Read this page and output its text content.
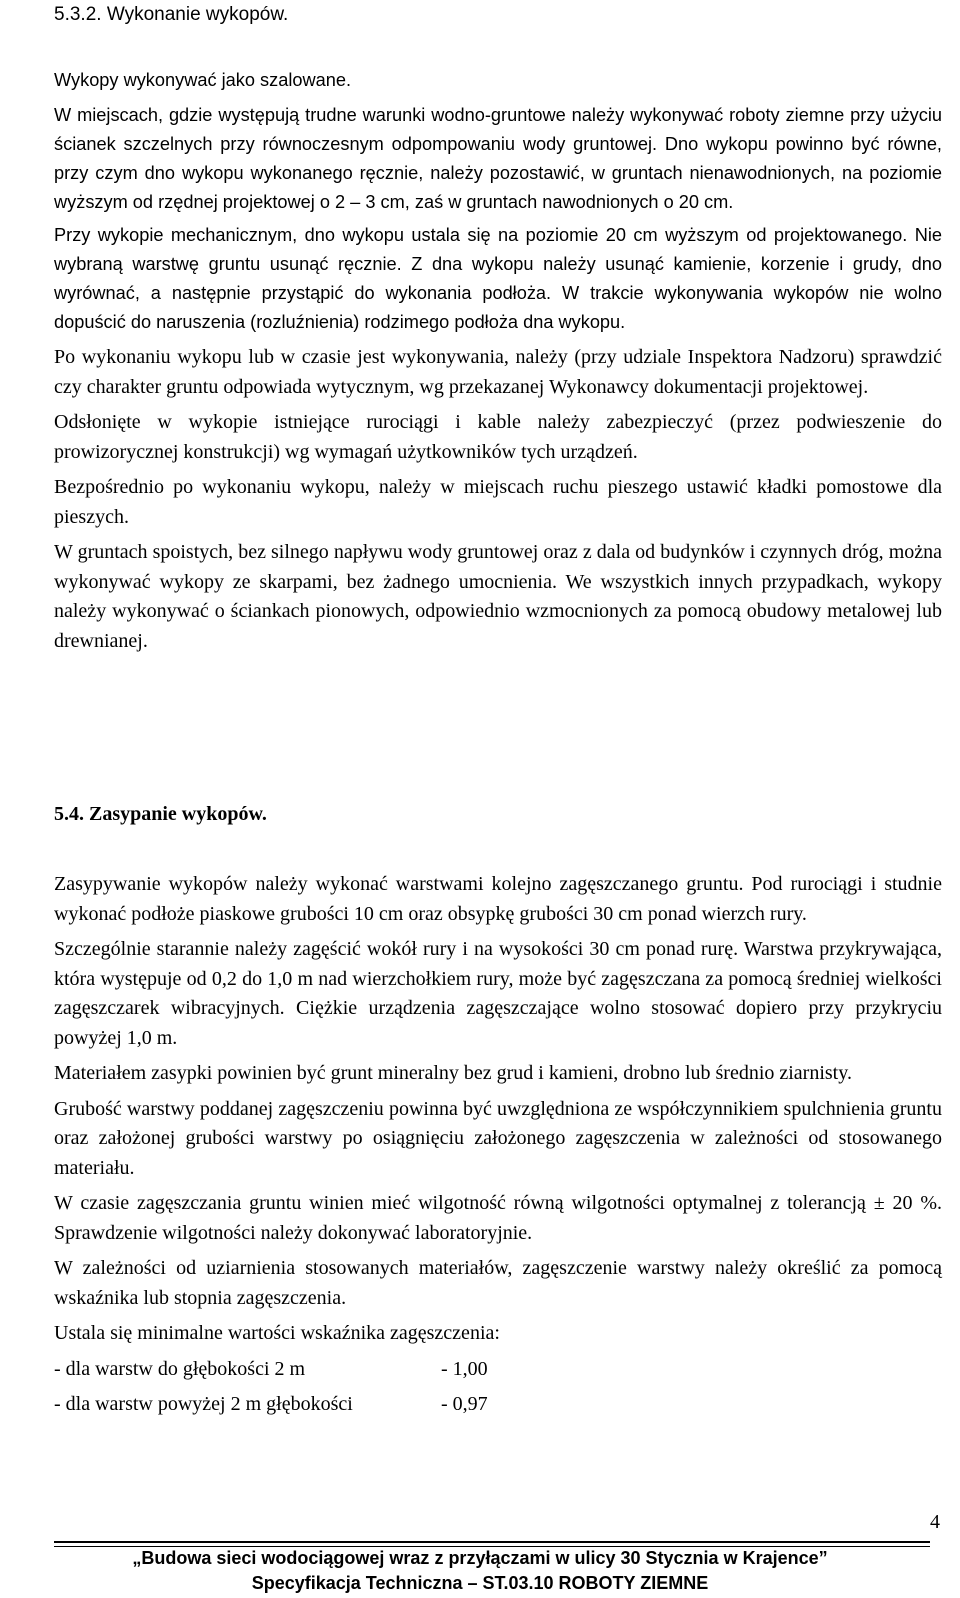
5.3.2. Wykonanie wykopów.

Wykopy wykonywać jako szalowane.

W miejscach, gdzie występują trudne warunki wodno-gruntowe należy wykonywać roboty ziemne przy użyciu ścianek szczelnych przy równoczesnym odpompowaniu wody gruntowej. Dno wykopu powinno być równe, przy czym dno wykopu wykonanego ręcznie, należy pozostawić, w gruntach nienawodnionych, na poziomie wyższym od rzędnej projektowej o 2 – 3 cm, zaś w gruntach nawodnionych o 20 cm.

Przy wykopie mechanicznym, dno wykopu ustala się na poziomie 20 cm wyższym od projektowanego. Nie wybraną warstwę gruntu usunąć ręcznie. Z dna wykopu należy usunąć kamienie, korzenie i grudy, dno wyrównać, a następnie przystąpić do wykonania podłoża. W trakcie wykonywania wykopów nie wolno dopuścić do naruszenia (rozluźnienia) rodzimego podłoża dna wykopu.

Po wykonaniu wykopu lub w czasie jest wykonywania, należy (przy udziale Inspektora Nadzoru) sprawdzić czy charakter gruntu odpowiada wytycznym, wg przekazanej Wykonawcy dokumentacji projektowej.

Odsłonięte w wykopie istniejące rurociągi i kable należy zabezpieczyć (przez podwieszenie do prowizorycznej konstrukcji) wg wymagań użytkowników tych urządzeń.

Bezpośrednio po wykonaniu wykopu, należy w miejscach ruchu pieszego ustawić kładki pomostowe dla pieszych.

W gruntach spoistych, bez silnego napływu wody gruntowej oraz z dala od budynków i czynnych dróg, można wykonywać wykopy ze skarpami, bez żadnego umocnienia. We wszystkich innych przypadkach, wykopy należy wykonywać o ściankach pionowych, odpowiednio wzmocnionych za pomocą obudowy metalowej lub drewnianej.

5.4. Zasypanie wykopów.

Zasypywanie wykopów należy wykonać warstwami kolejno zagęszczanego gruntu. Pod rurociągi i studnie wykonać podłoże piaskowe grubości 10 cm oraz obsypkę grubości 30 cm ponad wierzch rury.

Szczególnie starannie należy zagęścić wokół rury i na wysokości 30 cm ponad rurę. Warstwa przykrywająca, która występuje od 0,2 do 1,0 m nad wierzchołkiem rury, może być zagęszczana za pomocą średniej wielkości zagęszczarek wibracyjnych. Ciężkie urządzenia zagęszczające wolno stosować dopiero przy przykryciu powyżej 1,0 m.

Materiałem zasypki powinien być grunt mineralny bez grud i kamieni, drobno lub średnio ziarnisty.

Grubość warstwy poddanej zagęszczeniu powinna być uwzględniona ze współczynnikiem spulchnienia gruntu oraz założonej grubości warstwy po osiągnięciu założonego zagęszczenia w zależności od stosowanego materiału.

W czasie zagęszczania gruntu winien mieć wilgotność równą wilgotności optymalnej z tolerancją ± 20 %. Sprawdzenie wilgotności należy dokonywać laboratoryjnie.

W zależności od uziarnienia stosowanych materiałów, zagęszczenie warstwy należy określić za pomocą wskaźnika lub stopnia zagęszczenia.

Ustala się minimalne wartości wskaźnika zagęszczenia:

- dla warstw do głębokości 2 m	- 1,00
- dla warstw powyżej 2 m głębokości	- 0,97
4
„Budowa sieci wodociągowej wraz z przyłączami w ulicy 30 Stycznia w Krajence”
Specyfikacja Techniczna – ST.03.10 ROBOTY ZIEMNE
